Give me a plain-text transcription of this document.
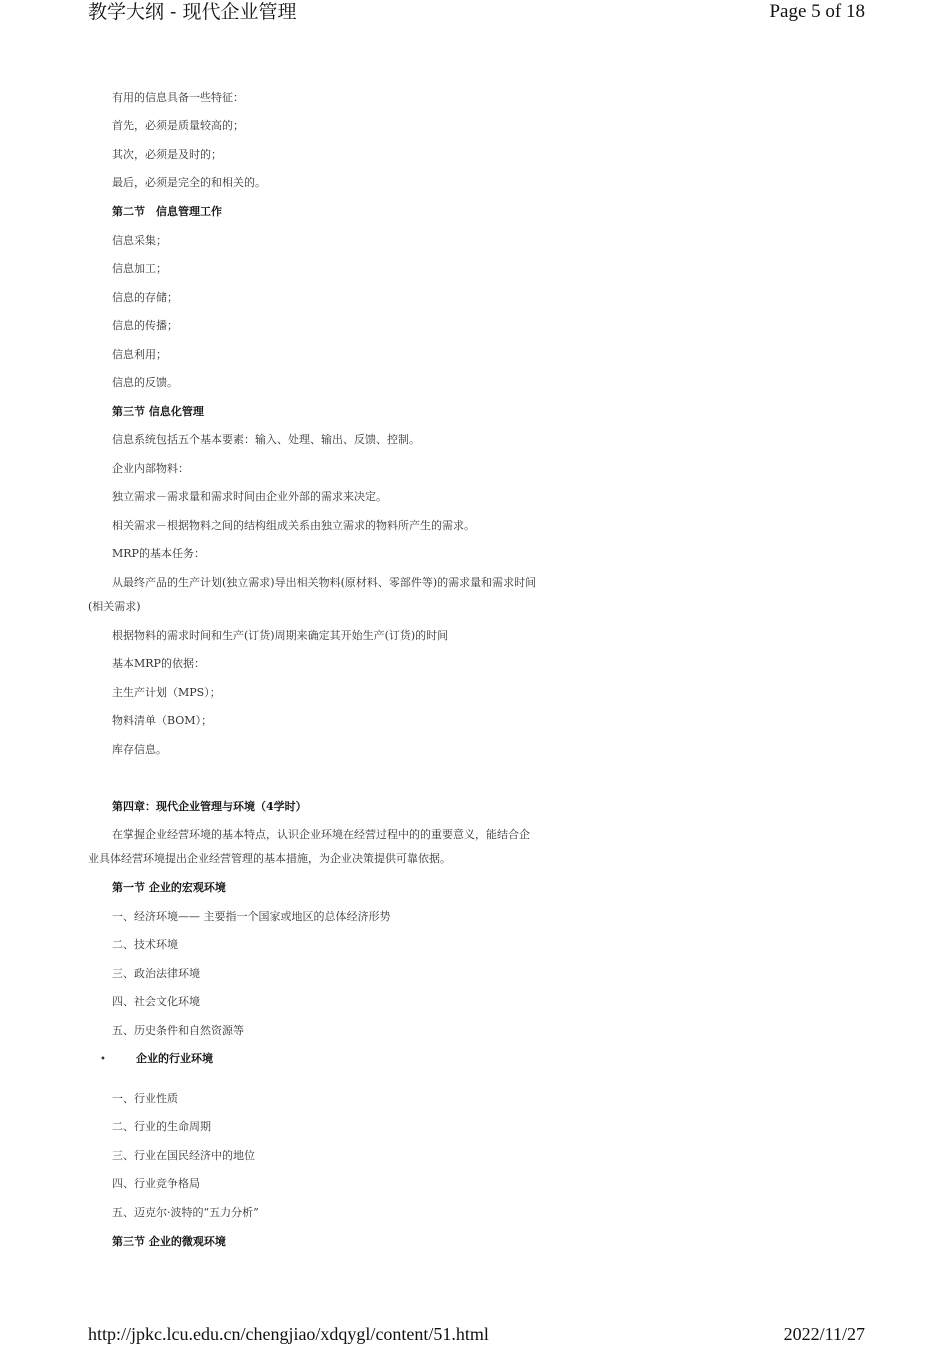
教学大纲 - 现代企业管理	Page 5 of 18
有用的信息具备一些特征：
首先，必须是质量较高的；
其次，必须是及时的；
最后，必须是完全的和相关的。
第二节　信息管理工作
信息采集；
信息加工；
信息的存储；
信息的传播；
信息利用；
信息的反馈。
第三节 信息化管理
信息系统包括五个基本要素：输入、处理、输出、反馈、控制。
企业内部物料：
独立需求－需求量和需求时间由企业外部的需求来决定。
相关需求－根据物料之间的结构组成关系由独立需求的物料所产生的需求。
MRP的基本任务：
从最终产品的生产计划(独立需求)导出相关物料(原材料、零部件等)的需求量和需求时间
(相关需求)
根据物料的需求时间和生产(订货)周期来确定其开始生产(订货)的时间
基本MRP的依据：
主生产计划（MPS）；
物料清单（BOM）；
库存信息。
第四章：现代企业管理与环境（4学时）
在掌握企业经营环境的基本特点，认识企业环境在经营过程中的的重要意义，能结合企
业具体经营环境提出企业经营管理的基本措施，为企业决策提供可靠依据。
第一节 企业的宏观环境
一、经济环境—— 主要指一个国家或地区的总体经济形势
二、技术环境
三、政治法律环境
四、社会文化环境
五、历史条件和自然资源等
•	企业的行业环境
一、行业性质
二、行业的生命周期
三、行业在国民经济中的地位
四、行业竞争格局
五、迈克尔·波特的“五力分析”
第三节 企业的微观环境
http://jpkc.lcu.edu.cn/chengjiao/xdqygl/content/51.html	2022/11/27
